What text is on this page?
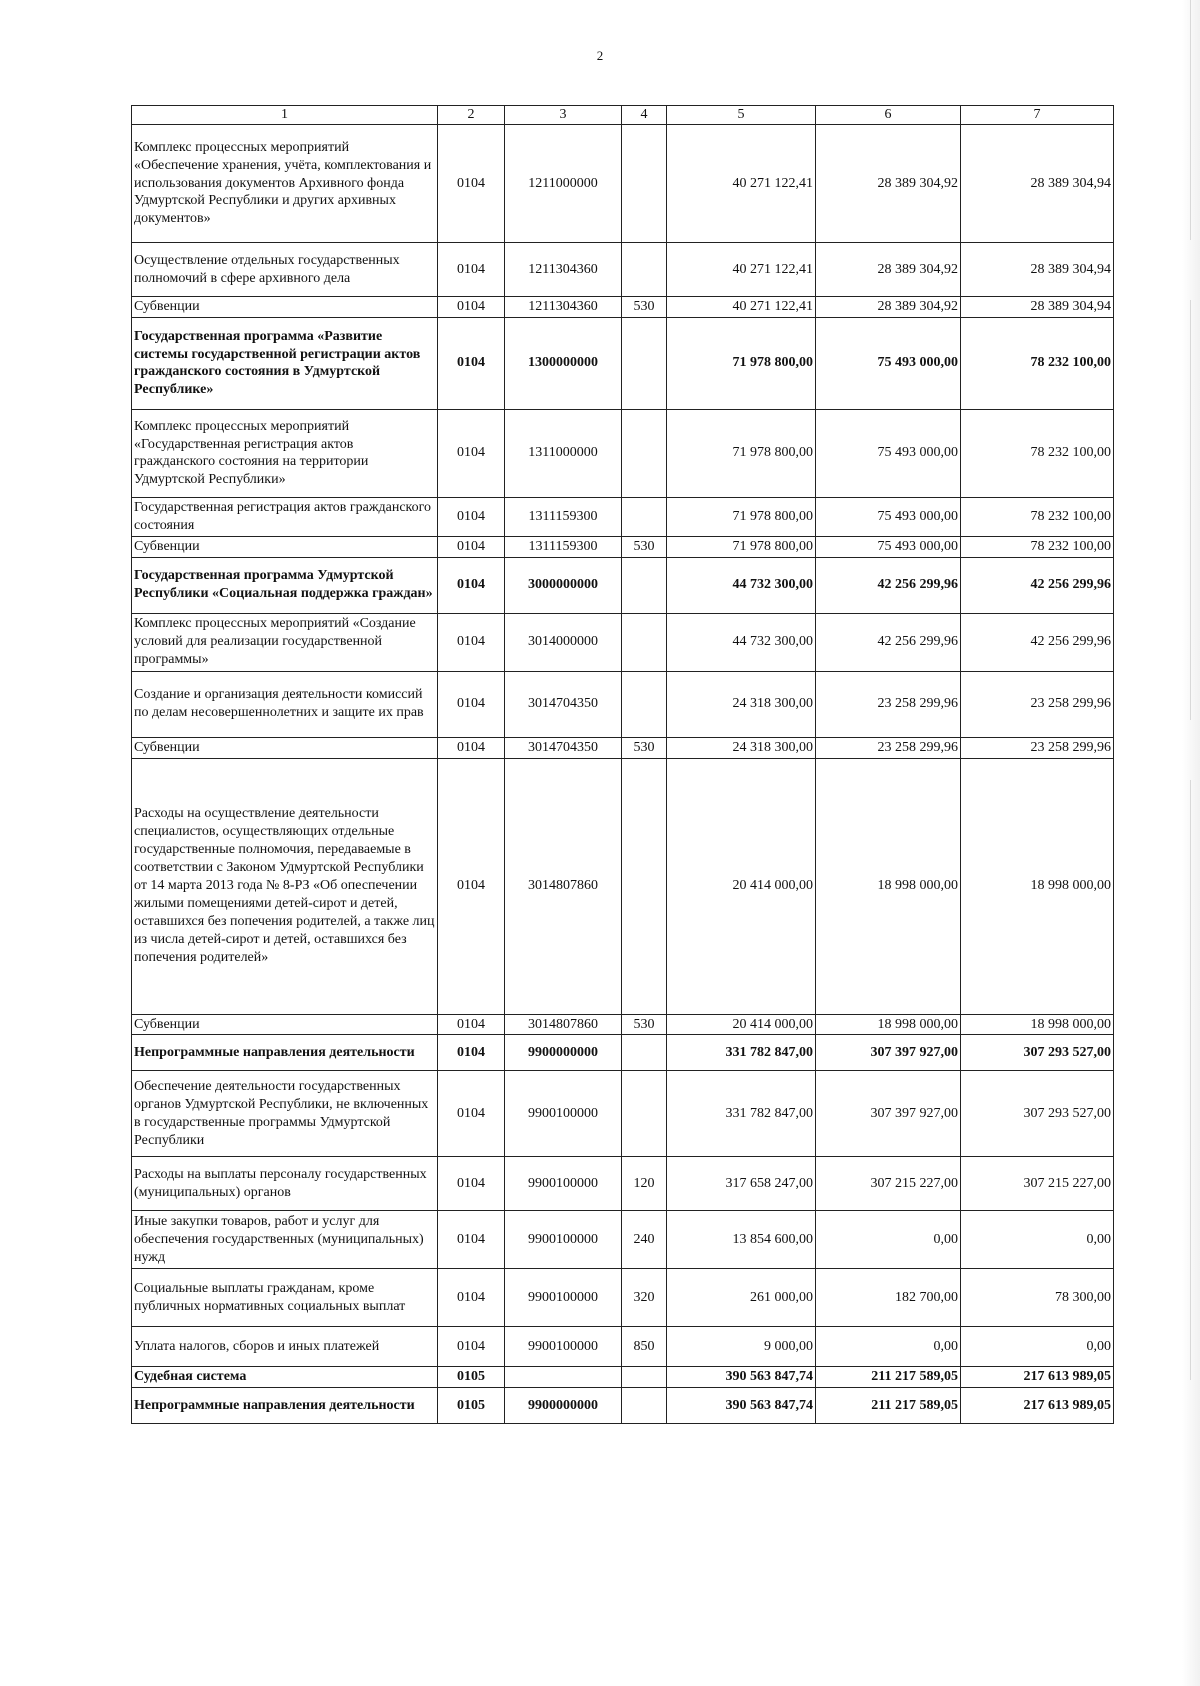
2
1	2	3	4	5	6	7
Комплекс процессных мероприятий «Обеспечение хранения, учёта, комплектования и использования документов Архивного фонда Удмуртской Республики и других архивных документов»	0104	1211000000		40 271 122,41	28 389 304,92	28 389 304,94
Осуществление отдельных государственных полномочий в сфере архивного дела	0104	1211304360		40 271 122,41	28 389 304,92	28 389 304,94
Субвенции	0104	1211304360	530	40 271 122,41	28 389 304,92	28 389 304,94
Государственная программа «Развитие системы государственной регистрации актов гражданского состояния в Удмуртской Республике»	0104	1300000000		71 978 800,00	75 493 000,00	78 232 100,00
Комплекс процессных мероприятий «Государственная регистрация актов гражданского состояния на территории Удмуртской Республики»	0104	1311000000		71 978 800,00	75 493 000,00	78 232 100,00
Государственная регистрация актов гражданского состояния	0104	1311159300		71 978 800,00	75 493 000,00	78 232 100,00
Субвенции	0104	1311159300	530	71 978 800,00	75 493 000,00	78 232 100,00
Государственная программа Удмуртской Республики «Социальная поддержка граждан»	0104	3000000000		44 732 300,00	42 256 299,96	42 256 299,96
Комплекс процессных мероприятий «Создание условий для реализации государственной программы»	0104	3014000000		44 732 300,00	42 256 299,96	42 256 299,96
Создание и организация деятельности комиссий по делам несовершеннолетних и защите их прав	0104	3014704350		24 318 300,00	23 258 299,96	23 258 299,96
Субвенции	0104	3014704350	530	24 318 300,00	23 258 299,96	23 258 299,96
Расходы на осуществление деятельности специалистов, осуществляющих отдельные государственные полномочия, передаваемые в соответствии с Законом Удмуртской Республики от 14 марта 2013 года № 8-РЗ «Об опеспечении жилыми помещениями детей-сирот и детей, оставшихся без попечения родителей, а также лиц из числа детей-сирот и детей, оставшихся без попечения родителей»	0104	3014807860		20 414 000,00	18 998 000,00	18 998 000,00
Субвенции	0104	3014807860	530	20 414 000,00	18 998 000,00	18 998 000,00
Непрограммные направления деятельности	0104	9900000000		331 782 847,00	307 397 927,00	307 293 527,00
Обеспечение деятельности государственных органов Удмуртской Республики, не включенных в государственные программы Удмуртской Республики	0104	9900100000		331 782 847,00	307 397 927,00	307 293 527,00
Расходы на выплаты персоналу государственных (муниципальных) органов	0104	9900100000	120	317 658 247,00	307 215 227,00	307 215 227,00
Иные закупки товаров, работ и услуг для обеспечения государственных (муниципальных) нужд	0104	9900100000	240	13 854 600,00	0,00	0,00
Социальные выплаты гражданам, кроме публичных нормативных социальных выплат	0104	9900100000	320	261 000,00	182 700,00	78 300,00
Уплата налогов, сборов и иных платежей	0104	9900100000	850	9 000,00	0,00	0,00
Судебная система	0105			390 563 847,74	211 217 589,05	217 613 989,05
Непрограммные направления деятельности	0105	9900000000		390 563 847,74	211 217 589,05	217 613 989,05
